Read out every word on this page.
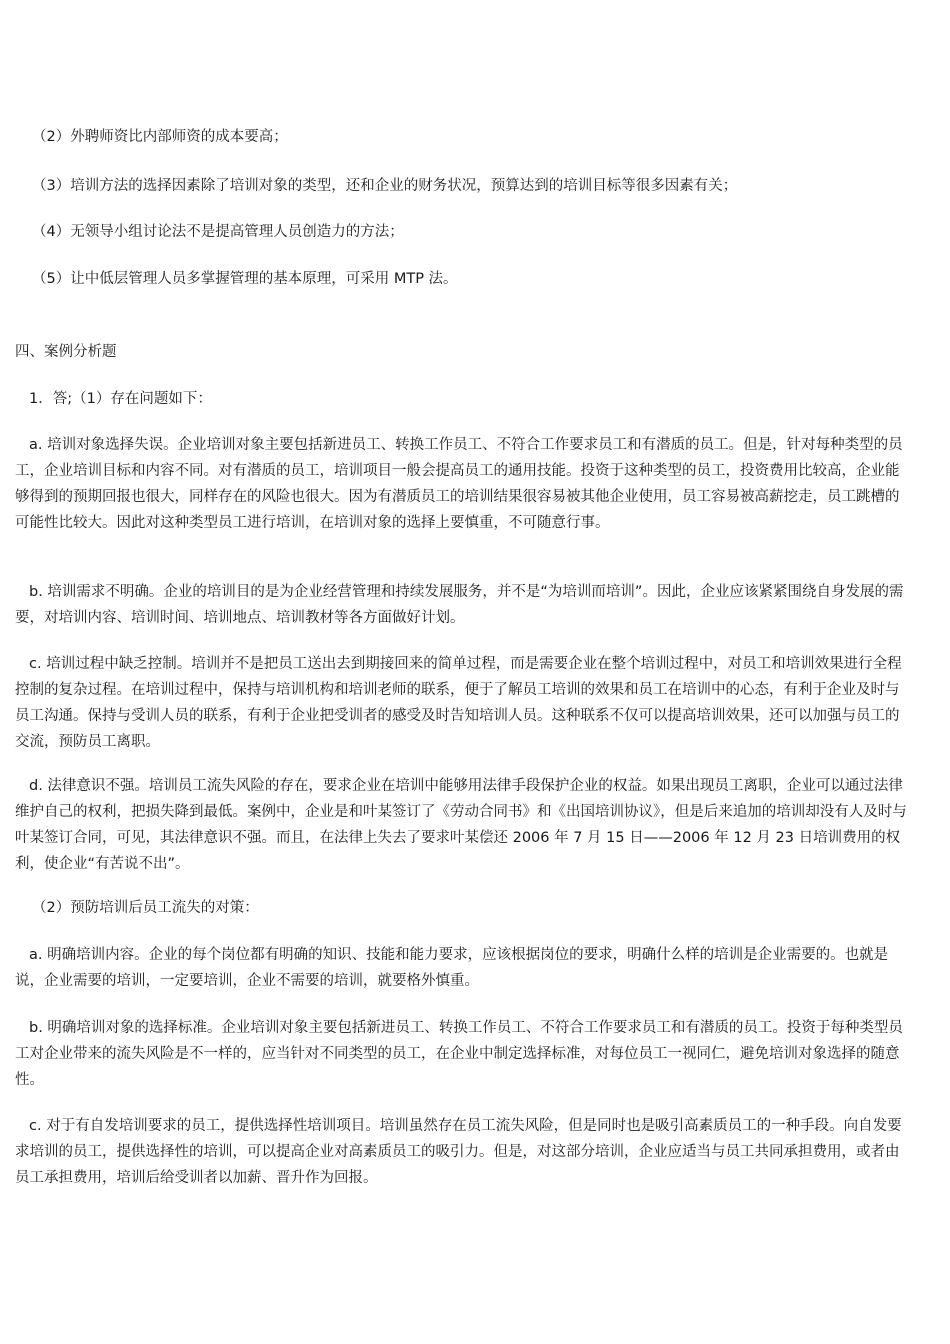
（2）外聘师资比内部师资的成本要高；

（3）培训方法的选择因素除了培训对象的类型，还和企业的财务状况，预算达到的培训目标等很多因素有关；

（4）无领导小组讨论法不是提高管理人员创造力的方法；

（5）让中低层管理人员多掌握管理的基本原理，可采用 MTP 法。

四、案例分析题

1．答;（1）存在问题如下：

a. 培训对象选择失误。企业培训对象主要包括新进员工、转换工作员工、不符合工作要求员工和有潜质的员工。但是，针对每种类型的员工，企业培训目标和内容不同。对有潜质的员工，培训项目一般会提高员工的通用技能。投资于这种类型的员工，投资费用比较高，企业能够得到的预期回报也很大，同样存在的风险也很大。因为有潜质员工的培训结果很容易被其他企业使用，员工容易被高薪挖走，员工跳槽的可能性比较大。因此对这种类型员工进行培训，在培训对象的选择上要慎重，不可随意行事。

b. 培训需求不明确。企业的培训目的是为企业经营管理和持续发展服务，并不是“为培训而培训”。因此，企业应该紧紧围绕自身发展的需要，对培训内容、培训时间、培训地点、培训教材等各方面做好计划。

c. 培训过程中缺乏控制。培训并不是把员工送出去到期接回来的简单过程，而是需要企业在整个培训过程中，对员工和培训效果进行全程控制的复杂过程。在培训过程中，保持与培训机构和培训老师的联系，便于了解员工培训的效果和员工在培训中的心态，有利于企业及时与员工沟通。保持与受训人员的联系，有利于企业把受训者的感受及时告知培训人员。这种联系不仅可以提高培训效果，还可以加强与员工的交流，预防员工离职。

d. 法律意识不强。培训员工流失风险的存在，要求企业在培训中能够用法律手段保护企业的权益。如果出现员工离职，企业可以通过法律维护自己的权利，把损失降到最低。案例中，企业是和叶某签订了《劳动合同书》和《出国培训协议》，但是后来追加的培训却没有人及时与叶某签订合同，可见，其法律意识不强。而且，在法律上失去了要求叶某偿还 2006 年 7 月 15 日——2006 年 12 月 23 日培训费用的权利，使企业“有苦说不出”。

（2）预防培训后员工流失的对策：

a. 明确培训内容。企业的每个岗位都有明确的知识、技能和能力要求，应该根据岗位的要求，明确什么样的培训是企业需要的。也就是说，企业需要的培训，一定要培训，企业不需要的培训，就要格外慎重。

b. 明确培训对象的选择标准。企业培训对象主要包括新进员工、转换工作员工、不符合工作要求员工和有潜质的员工。投资于每种类型员工对企业带来的流失风险是不一样的，应当针对不同类型的员工，在企业中制定选择标准，对每位员工一视同仁，避免培训对象选择的随意性。

c. 对于有自发培训要求的员工，提供选择性培训项目。培训虽然存在员工流失风险，但是同时也是吸引高素质员工的一种手段。向自发要求培训的员工，提供选择性的培训，可以提高企业对高素质员工的吸引力。但是，对这部分培训，企业应适当与员工共同承担费用，或者由员工承担费用，培训后给受训者以加薪、晋升作为回报。
